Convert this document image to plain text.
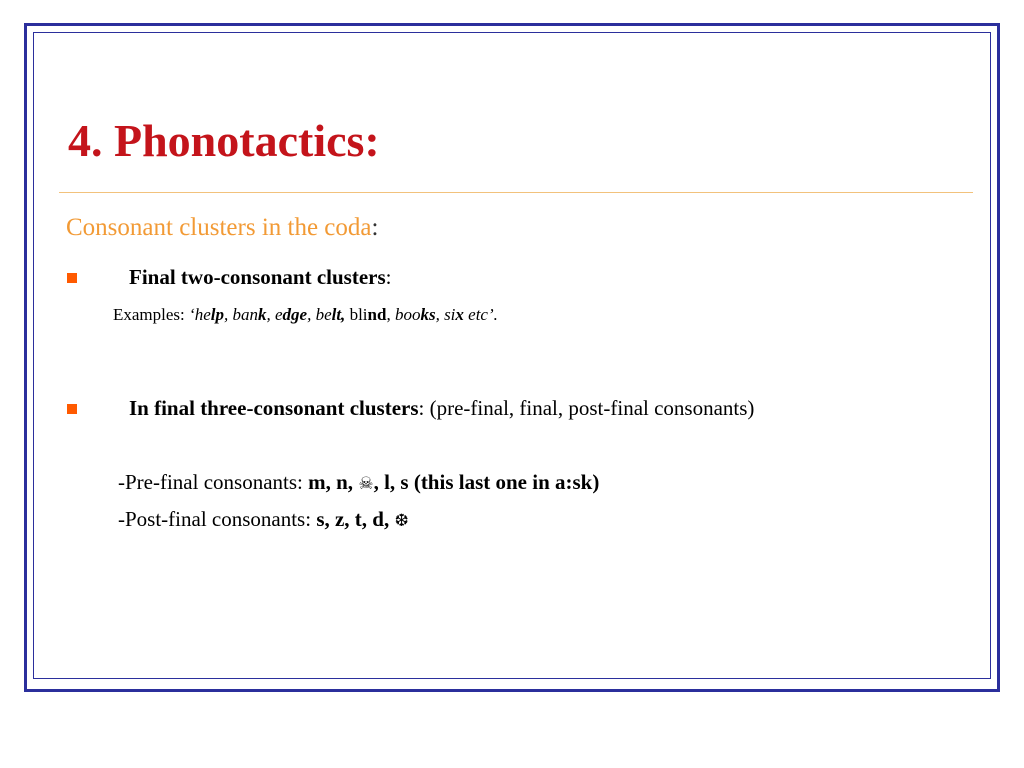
4. Phonotactics:
Consonant clusters in the coda:
Final two-consonant clusters:
Examples: ‘help, bank, edge, belt, blind, books, six etc’.
In final three-consonant clusters: (pre-final, final, post-final consonants)
-Pre-final consonants: m, n, ☠, l, s (this last one in a:sk)
-Post-final consonants: s, z, t, d, ❆
